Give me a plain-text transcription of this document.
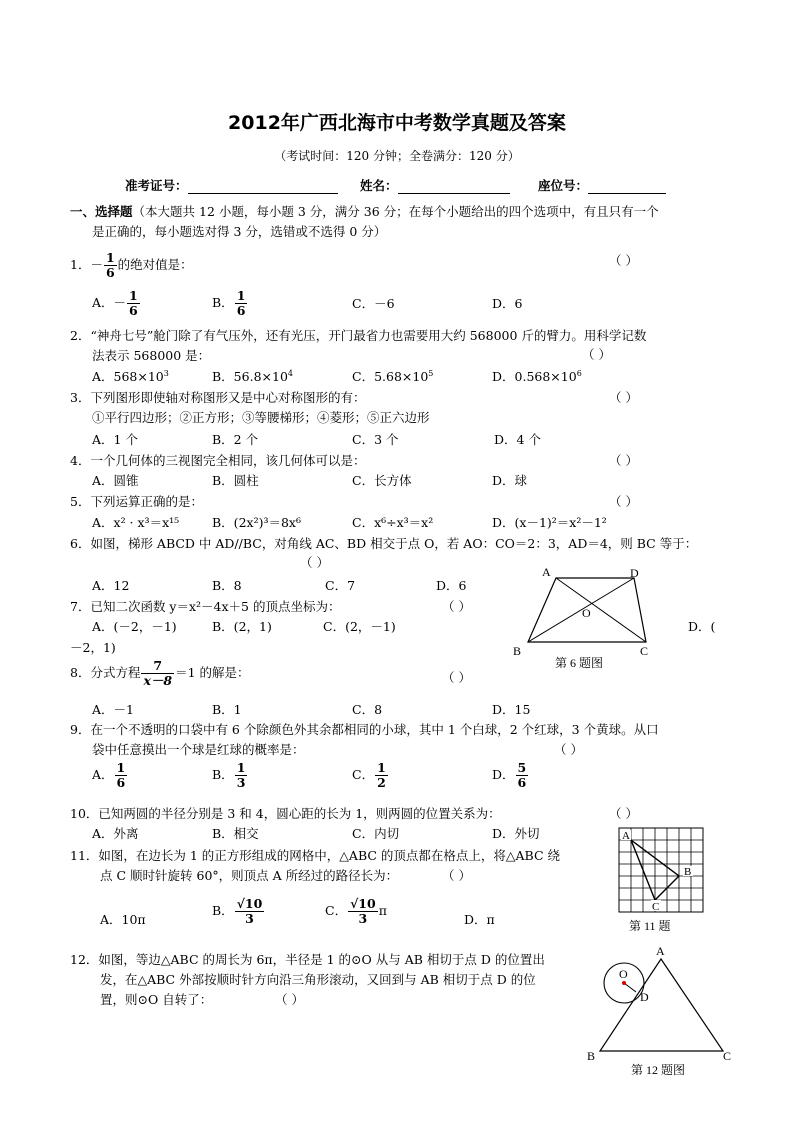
2012年广西北海市中考数学真题及答案
（考试时间：120 分钟；全卷满分：120 分）
准考证号：	姓名：	座位号：
一、选择题（本大题共 12 小题，每小题 3 分，满分 36 分；在每个小题给出的四个选项中，有且只有一个
是正确的，每小题选对得 3 分，选错或不选得 0 分）
1．－ $\frac{1}{6}$ 的绝对值是：	（ ）
A．－ $\frac{1}{6}$	B． $\frac{1}{6}$	C．－6	D．6
2．“神舟七号”舱门除了有气压外，还有光压，开门最省力也需要用大约 568000 斤的臂力。用科学记数
法表示 568000 是：	（ ）
A．$568\times 10^3$	B．$56.8\times 10^4$	C．$5.68\times 10^5$	D．$0.568\times 10^6$
3．下列图形即使轴对称图形又是中心对称图形的有：	（ ）
①平行四边形；②正方形；③等腰梯形；④菱形；⑤正六边形
A．1 个	B．2 个	C．3 个	D．4 个
4．一个几何体的三视图完全相同，该几何体可以是：	（ ）
A．圆锥	B．圆柱	C．长方体	D．球
5．下列运算正确的是：	（ ）
A．x² · x³＝x¹⁵	B．(2x²)³＝8x⁶	C．x⁶÷x³＝x²	D．(x－1)²＝x²－1²
6．如图，梯形 ABCD 中 AD//BC，对角线 AC、BD 相交于点 O，若 AO：CO＝2：3，AD＝4，则 BC 等于：
（ ）
A．12	B．8	C．7	D．6
A	D
O
B	C
第 6 题图
7．已知二次函数 y＝x²－4x＋5 的顶点坐标为：	（ ）
A．(－2，－1)	B．(2，1)	C．(2，－1)	D．(
－2，1)
8．分式方程 $\frac{7}{x-8} =1$ 的解是：	（ ）
A．－1	B．1	C．8	D．15
9．在一个不透明的口袋中有 6 个除颜色外其余都相同的小球，其中 1 个白球，2 个红球，3 个黄球。从口
袋中任意摸出一个球是红球的概率是：	（ ）
A． $\frac{1}{6}$	B． $\frac{1}{3}$	C． $\frac{1}{2}$	D． $\frac{5}{6}$
10．已知两圆的半径分别是 3 和 4，圆心距的长为 1，则两圆的位置关系为：	（ ）
A．外离	B．相交	C．内切	D．外切
11．如图，在边长为 1 的正方形组成的网格中，△ABC 的顶点都在格点上，将△ABC 绕
点 C 顺时针旋转 60°，则顶点 A 所经过的路径长为：	（ ）
A．10π
B． $\frac{√10}{3}$	C． $\frac{√10}{3}$ π
D．π
A
B
C
第 11 题
12．如图，等边△ABC 的周长为 6π，半径是 1 的⊙O 从与 AB 相切于点 D 的位置出
发，在△ABC 外部按顺时针方向沿三角形滚动，又回到与 AB 相切于点 D 的位
置，则⊙O 自转了：	（ ）
O
D
A
B	C
第 12 题图
